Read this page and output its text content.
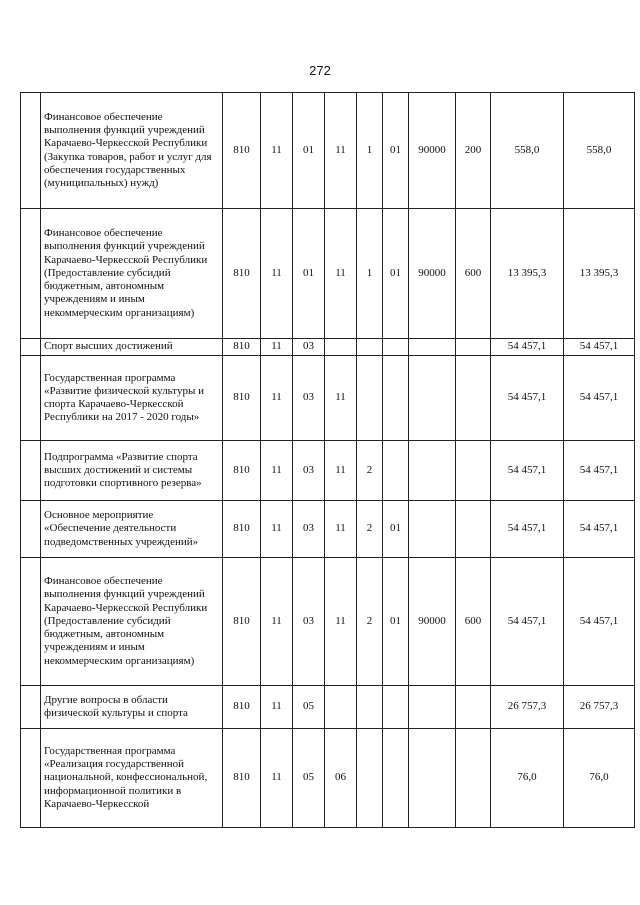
272
	Финансовое обеспечение выполнения функций учреждений Карачаево-Черкесской Республики (Закупка товаров, работ и услуг для обеспечения государственных (муниципальных) нужд)	810	11	01	11	1	01	90000	200	558,0	558,0
	Финансовое обеспечение выполнения функций учреждений Карачаево-Черкесской Республики (Предоставление субсидий бюджетным, автономным учреждениям и иным некоммерческим организациям)	810	11	01	11	1	01	90000	600	13 395,3	13 395,3
	Спорт высших достижений	810	11	03						54 457,1	54 457,1
	Государственная программа «Развитие физической культуры и спорта Карачаево-Черкесской Республики на 2017 - 2020 годы»	810	11	03	11					54 457,1	54 457,1
	Подпрограмма «Развитие спорта высших достижений и системы подготовки спортивного резерва»	810	11	03	11	2				54 457,1	54 457,1
	Основное мероприятие «Обеспечение деятельности подведомственных учреждений»	810	11	03	11	2	01			54 457,1	54 457,1
	Финансовое обеспечение выполнения функций учреждений Карачаево-Черкесской Республики (Предоставление субсидий бюджетным, автономным учреждениям и иным некоммерческим организациям)	810	11	03	11	2	01	90000	600	54 457,1	54 457,1
	Другие вопросы в области физической культуры и спорта	810	11	05						26 757,3	26 757,3
	Государственная программа «Реализация государственной национальной, конфессиональной, информационной политики в Карачаево-Черкесской	810	11	05	06					76,0	76,0
